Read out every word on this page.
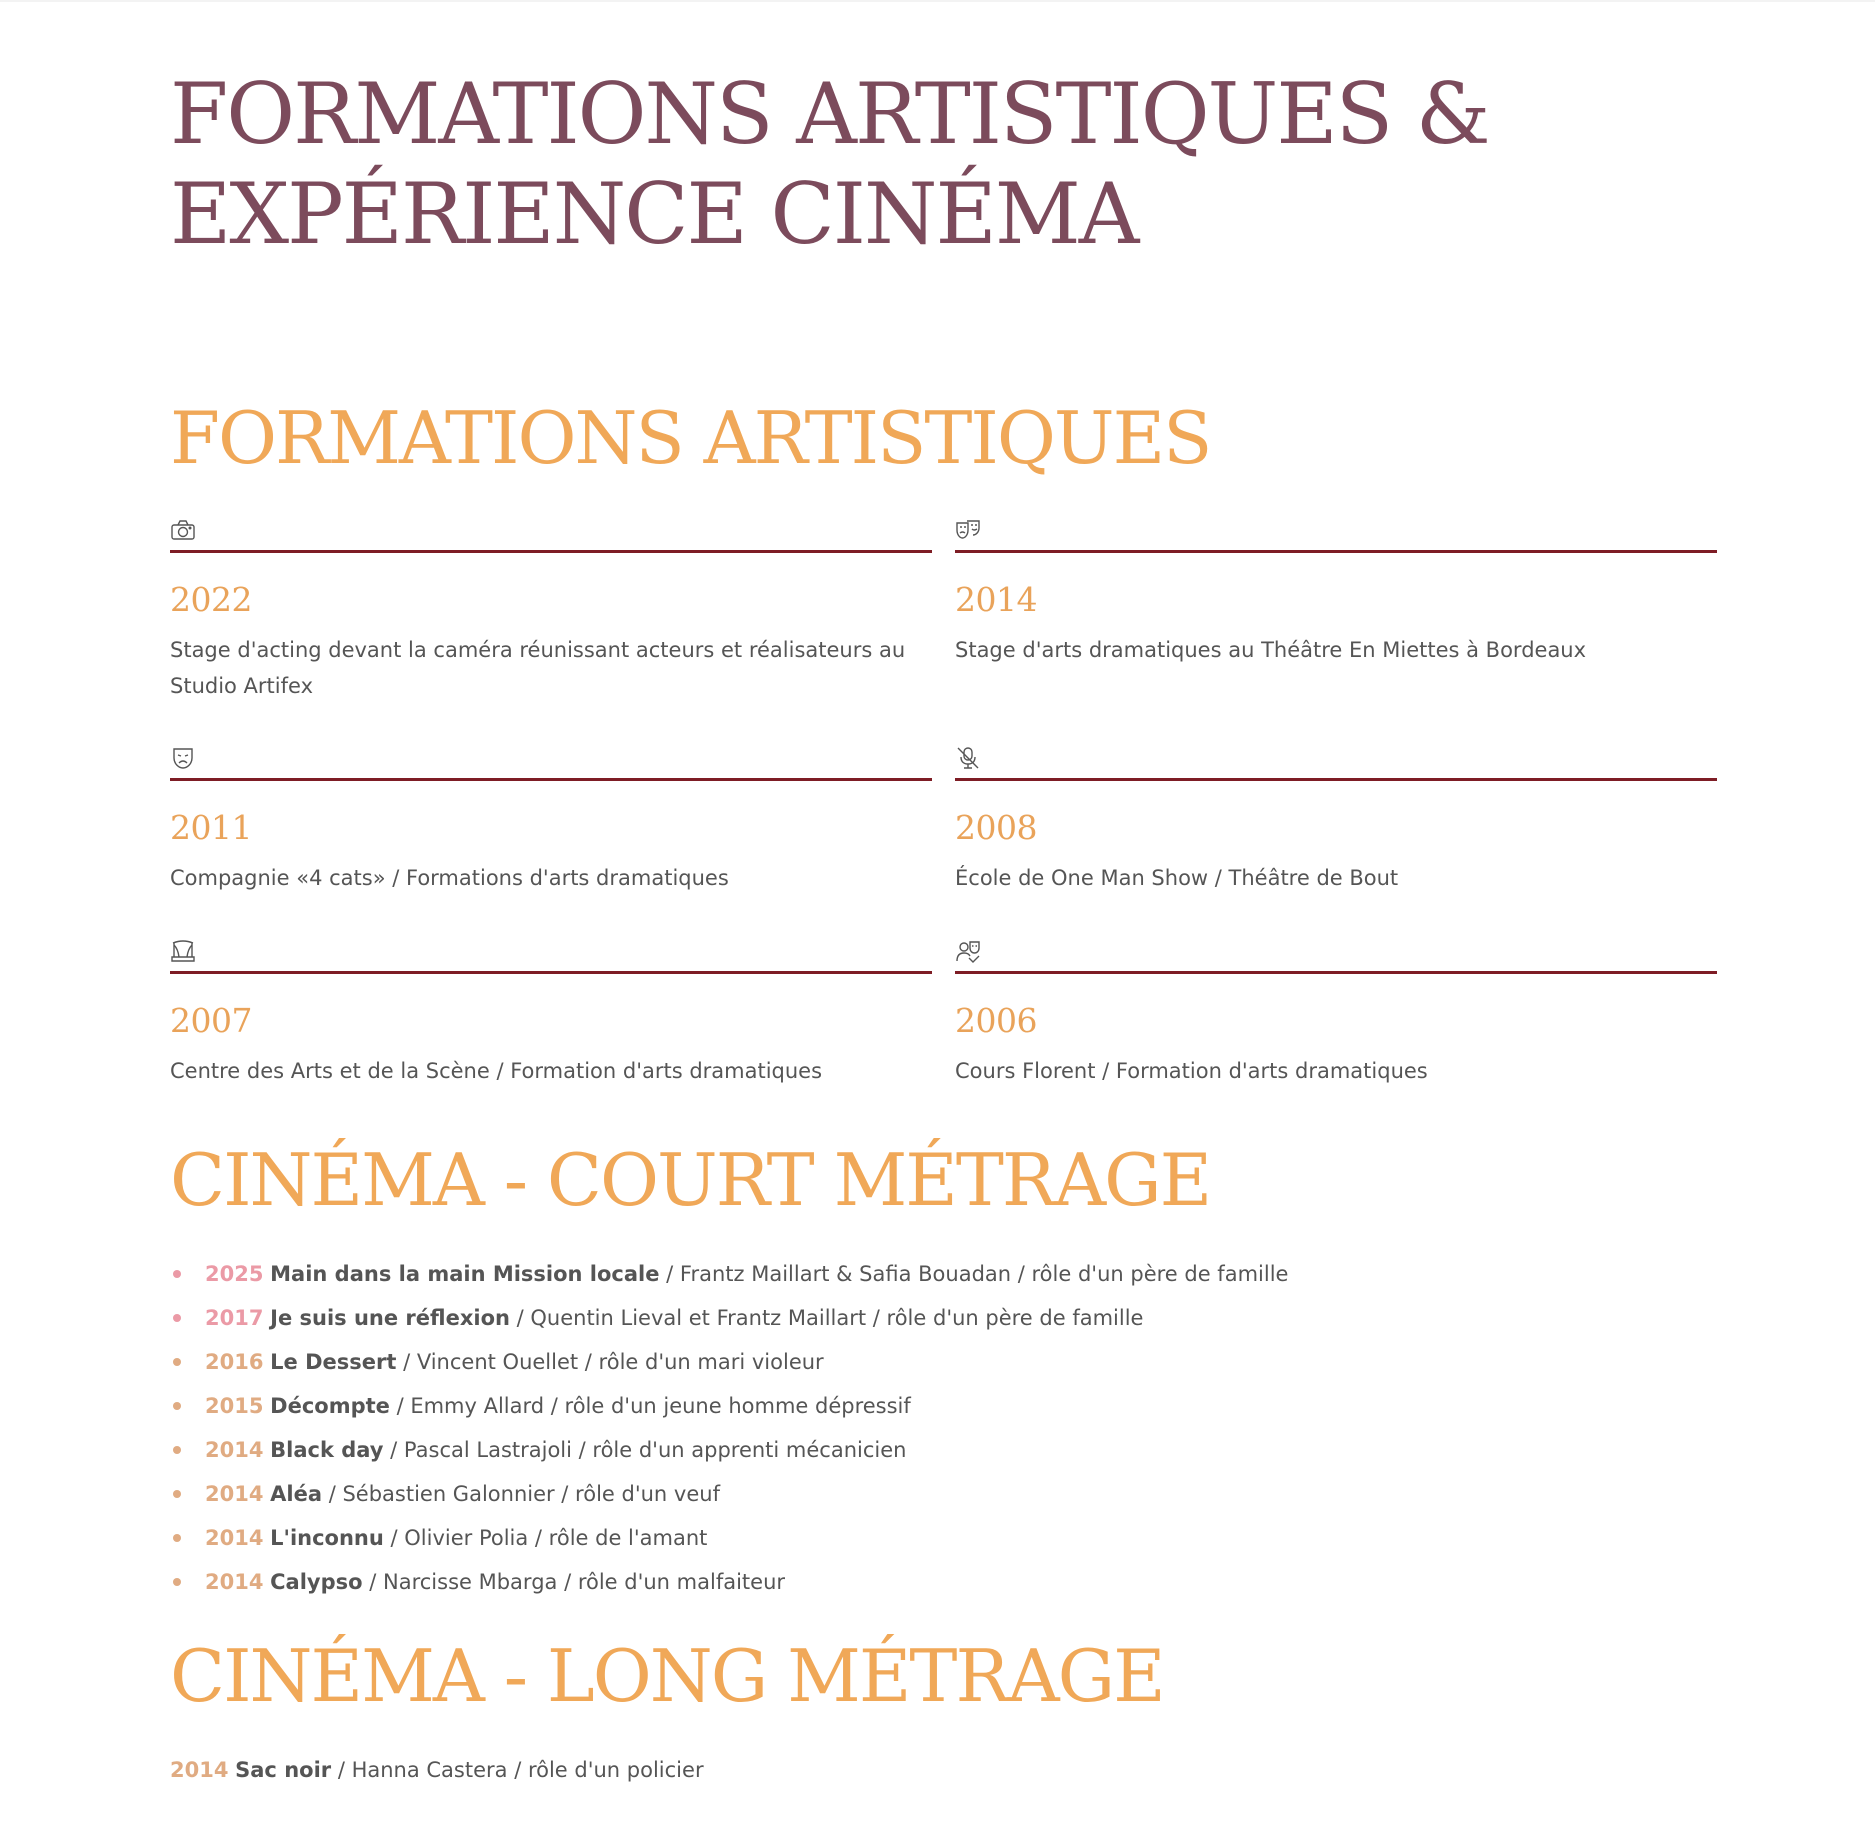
FORMATIONS ARTISTIQUES &
EXPÉRIENCE CINÉMA
FORMATIONS ARTISTIQUES
2022

Stage d'acting devant la caméra réunissant acteurs et réalisateurs au Studio Artifex

2014

Stage d'arts dramatiques au Théâtre En Miettes à Bordeaux

2011

Compagnie «4 cats» / Formations d'arts dramatiques

2008

École de One Man Show / Théâtre de Bout

2007

Centre des Arts et de la Scène / Formation d'arts dramatiques

2006

Cours Florent / Formation d'arts dramatiques

CINÉMA - COURT MÉTRAGE
2025 Main dans la main Mission locale / Frantz Maillart & Safia Bouadan / rôle d'un père de famille
2017 Je suis une réflexion / Quentin Lieval et Frantz Maillart / rôle d'un père de famille
2016 Le Dessert / Vincent Ouellet / rôle d'un mari violeur
2015 Décompte / Emmy Allard / rôle d'un jeune homme dépressif
2014 Black day / Pascal Lastrajoli / rôle d'un apprenti mécanicien
2014 Aléa / Sébastien Galonnier / rôle d'un veuf
2014 L'inconnu / Olivier Polia / rôle de l'amant
2014 Calypso / Narcisse Mbarga / rôle d'un malfaiteur
CINÉMA - LONG MÉTRAGE
2014 Sac noir / Hanna Castera / rôle d'un policier
